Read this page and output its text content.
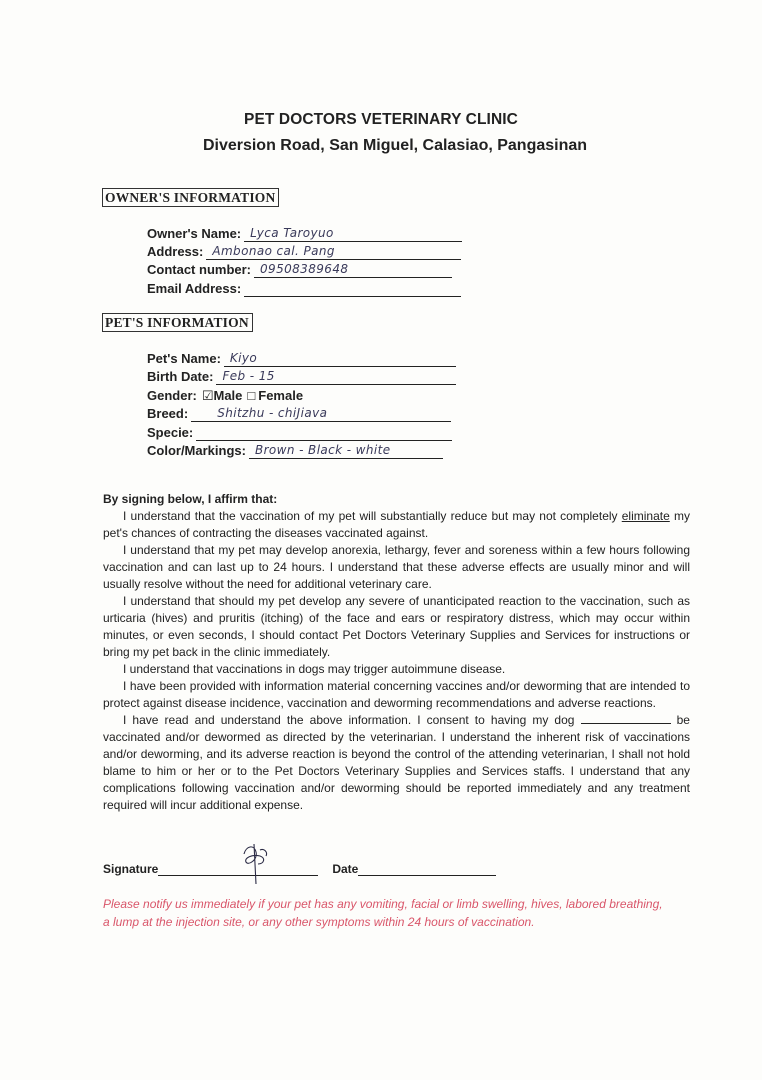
PET DOCTORS VETERINARY CLINIC
Diversion Road, San Miguel, Calasiao, Pangasinan
OWNER'S INFORMATION
Owner's Name: Lyca Taroyuo
Address: Ambonao cal. Pang
Contact number: 09508389648
Email Address:
PET'S INFORMATION
Pet's Name: Kiyo
Birth Date: Feb - 15
Gender: ☑ Male □ Female
Breed: Shitzhu - chiJiava
Specie:
Color/Markings: Brown - Black - white
By signing below, I affirm that:

I understand that the vaccination of my pet will substantially reduce but may not completely eliminate my pet's chances of contracting the diseases vaccinated against.

I understand that my pet may develop anorexia, lethargy, fever and soreness within a few hours following vaccination and can last up to 24 hours. I understand that these adverse effects are usually minor and will usually resolve without the need for additional veterinary care.

I understand that should my pet develop any severe of unanticipated reaction to the vaccination, such as urticaria (hives) and pruritis (itching) of the face and ears or respiratory distress, which may occur within minutes, or even seconds, I should contact Pet Doctors Veterinary Supplies and Services for instructions or bring my pet back in the clinic immediately.

I understand that vaccinations in dogs may trigger autoimmune disease.

I have been provided with information material concerning vaccines and/or deworming that are intended to protect against disease incidence, vaccination and deworming recommendations and adverse reactions.

I have read and understand the above information. I consent to having my dog	be vaccinated and/or dewormed as directed by the veterinarian. I understand the inherent risk of vaccinations and/or deworming, and its adverse reaction is beyond the control of the attending veterinarian, I shall not hold blame to him or her or to the Pet Doctors Veterinary Supplies and Services staffs. I understand that any complications following vaccination and/or deworming should be reported immediately and any treatment required will incur additional expense.

Signature	Date
Please notify us immediately if your pet has any vomiting, facial or limb swelling, hives, labored breathing, a lump at the injection site, or any other symptoms within 24 hours of vaccination.
